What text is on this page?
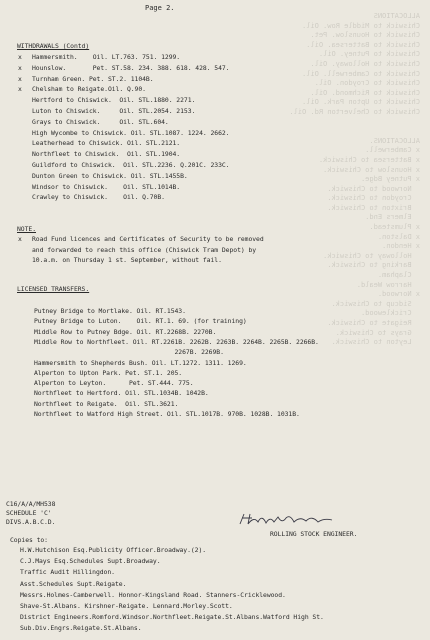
ALLOCATIONS
Chiswick to Middle Row. Oil.
Chiswick to Hounslow. Pet.
Chiswick to Battersea. Oil.
Chiswick to Putney. Oil.
Chiswick to Holloway. Oil.
Chiswick to Camberwell. Oil.
Chiswick to Croydon. Oil.
Chiswick to Richmond. Oil.
Chiswick to Upton Park. Oil.
Chiswick to Chelverton Rd. Oil.

ALLOCATIONS.
x Camberwell.
x Battersea to Chiswick.
x Hounslow to Chiswick.
x Putney Bdge.
Norwood to Chiswick.
Croydon to Chiswick.
Brixton to Chiswick.
Elmers End.
x Plumstead.
x Dalston.
x Hendon.
Holloway to Chiswick.
Barking to Chiswick.
Clapham.
Harrow Weald.
x Norwood.
Sidcup to Chiswick.
Cricklewood.
Reigate to Chiswick.
Grays to Chiswick.
Leyton to Chiswick.
Page 2.
WITHDRAWALS (Contd)
x Hammersmith.    Oil. LT.763. 751. 1299.
x Hounslow.       Pet. ST.58. 234. 388. 618. 428. 547.
x Turnham Green. Pet. ST.2. 1104B.
x Chelsham to Reigate.Oil. Q.90.
Hertford to Chiswick.  Oil. STL.1880. 2271.
Luton to Chiswick.     Oil. STL.2054. 2153.
Grays to Chiswick.     Oil. STL.604.
High Wycombe to Chiswick. Oil. STL.1087. 1224. 2662.
Leatherhead to Chiswick. Oil. STL.2121.
Northfleet to Chiswick.  Oil. STL.1904.
Guildford to Chiswick.  Oil. STL.2236. Q.201C. 233C.
Dunton Green to Chiswick. Oil. STL.1455B.
Windsor to Chiswick.    Oil. STL.1014B.
Crawley to Chiswick.    Oil. Q.70B.
NOTE.
x Road Fund licences and Certificates of Security to be removed
and forwarded to reach this office (Chiswick Tram Depot) by
10.a.m. on Thursday 1 st. September, without fail.
LICENSED TRANSFERS.
Putney Bridge to Mortlake. Oil. RT.1543.
Putney Bridge to Luton.    Oil. RT.1. 69. (for training)
Middle Row to Putney Bdge. Oil. RT.2268B. 2270B.
Middle Row to Northfleet. Oil. RT.2261B. 2262B. 2263B. 2264B. 2265B. 2266B.
2267B. 2269B.
Hammersmith to Shepherds Bush. Oil. LT.1272. 1311. 1269.
Alperton to Upton Park. Pet. ST.1. 205.
Alperton to Leyton.      Pet. ST.444. 775.
Northfleet to Hertford. Oil. STL.1034B. 1042B.
Northfleet to Reigate.  Oil. STL.3621.
Northfleet to Watford High Street. Oil. STL.1017B. 970B. 1028B. 1031B.
C16/A/A/MH538
SCHEDULE 'C'
DIVS.A.B.C.D.
ROLLING STOCK ENGINEER.
Copies to:
H.W.Hutchison Esq.Publicity Officer.Broadway.(2).
C.J.Mays Esq.Schedules Supt.Broadway.
Traffic Audit Hillingdon.
Asst.Schedules Supt.Reigate.
Messrs.Holmes-Camberwell. Honnor-Kingsland Road. Stanners-Cricklewood.
Shave-St.Albans. Kirshner-Reigate. Lennard.Morley.Scott.
District Engineers.Romford.Windsor.Northfleet.Reigate.St.Albans.Watford High St.
Sub.Div.Engrs.Reigate.St.Albans.
